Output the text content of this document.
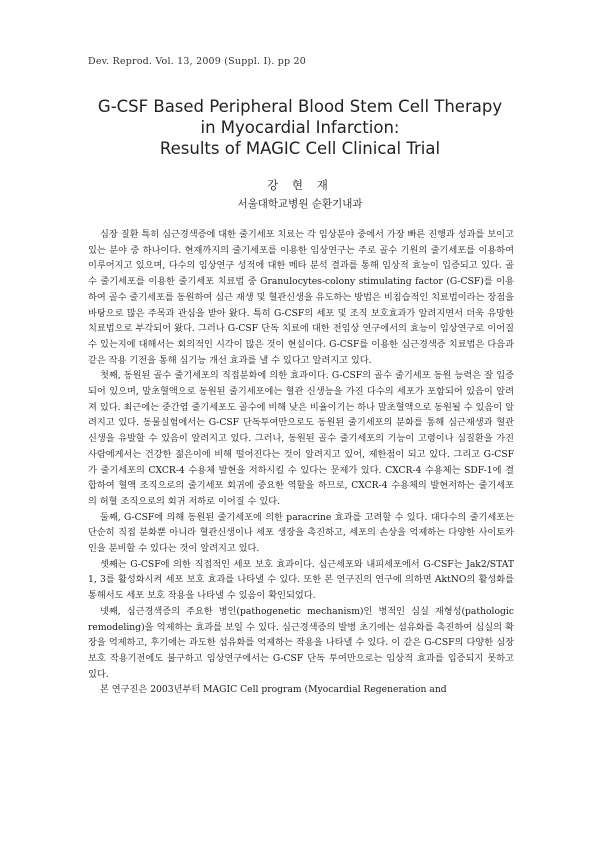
Dev. Reprod. Vol. 13, 2009 (Suppl. I). pp 20
G-CSF Based Peripheral Blood Stem Cell Therapy
in Myocardial Infarction:
Results of MAGIC Cell Clinical Trial
강 현 재
서울대학교병원 순환기내과

심장 질환 특히 심근경색증에 대한 줄기세포 치료는 각 임상분야 중에서 가장 빠른 진행과 성과를 보이고 있는 분야 중 하나이다. 현재까지의 줄기세포를 이용한 임상연구는 주로 골수 기원의 줄기세포를 이용하여 이루어지고 있으며, 다수의 임상연구 성적에 대한 메타 분석 결과를 통해 임상적 효능이 입증되고 있다. 골수 줄기세포를 이용한 줄기세포 치료법 중 Granulocytes-colony stimulating factor (G-CSF)를 이용하여 골수 줄기세포를 동원하여 심근 재생 및 혈관신생을 유도하는 방법은 비침습적인 치료법이라는 장점을 바탕으로 많은 주목과 관심을 받아 왔다. 특히 G-CSF의 세포 및 조직 보호효과가 알려지면서 더욱 유망한 치료법으로 부각되어 왔다. 그러나 G-CSF 단독 치료에 대한 전임상 연구에서의 효능이 임상연구로 이어질 수 있는지에 대해서는 회의적인 시각이 많은 것이 현실이다. G-CSF를 이용한 심근경색증 치료법은 다음과 같은 작용 기전을 통해 심기능 개선 효과를 낼 수 있다고 알려지고 있다.

첫째, 동원된 골수 줄기세포의 직접분화에 의한 효과이다. G-CSF의 골수 줄기세포 동원 능력은 잘 입증되어 있으며, 말초혈액으로 동원된 줄기세포에는 혈관 신생능을 가진 다수의 세포가 포함되어 있음이 알려져 있다. 최근에는 중간엽 줄기세포도 골수에 비해 낮은 비율이기는 하나 말초혈액으로 동원될 수 있음이 알려지고 있다. 동물실험에서는 G-CSF 단독투여만으로도 동원된 줄기세포의 분화를 통해 심근재생과 혈관신생을 유발할 수 있음이 알려지고 있다. 그러나, 동원된 골수 줄기세포의 기능이 고령이나 심질환을 가진 사람에게서는 건강한 젊은이에 비해 떨어진다는 것이 알려지고 있어, 제한점이 되고 있다. 그리고 G-CSF가 줄기세포의 CXCR-4 수용체 발현을 저하시킬 수 있다는 문제가 있다. CXCR-4 수용체는 SDF-1에 결합하여 혈액 조직으로의 줄기세포 회귀에 중요한 역할을 하므로, CXCR-4 수용체의 발현저하는 줄기세포의 허혈 조직으로의 회귀 저하로 이어질 수 있다.

둘째, G-CSF에 의해 동원된 줄기세포에 의한 paracrine 효과를 고려할 수 있다. 대다수의 줄기세포는 단순히 직접 분화뿐 아니라 혈관신생이나 세포 생장을 촉진하고, 세포의 손상을 억제하는 다양한 사이토카인을 분비할 수 있다는 것이 알려지고 있다.

셋째는 G-CSF에 의한 직접적인 세포 보호 효과이다. 심근세포와 내피세포에서 G-CSF는 Jak2/STAT 1, 3를 활성화시켜 세포 보호 효과를 나타낼 수 있다. 또한 본 연구진의 연구에 의하면 AktNO의 활성화를 통해서도 세포 보호 작용을 나타낼 수 있음이 확인되었다.

넷째, 심근경색증의 주요한 병인(pathogenetic mechanism)인 병적인 심실 재형성(pathologic remodeling)을 억제하는 효과를 보일 수 있다. 심근경색증의 발병 초기에는 섬유화를 촉진하여 심실의 확장을 억제하고, 후기에는 과도한 섬유화를 억제하는 작용을 나타낼 수 있다. 이 같은 G-CSF의 다양한 심장 보호 작용기전에도 불구하고 임상연구에서는 G-CSF 단독 투여만으로는 임상적 효과를 입증되지 못하고 있다.

본 연구진은 2003년부터 MAGIC Cell program (Myocardial Regeneration and
